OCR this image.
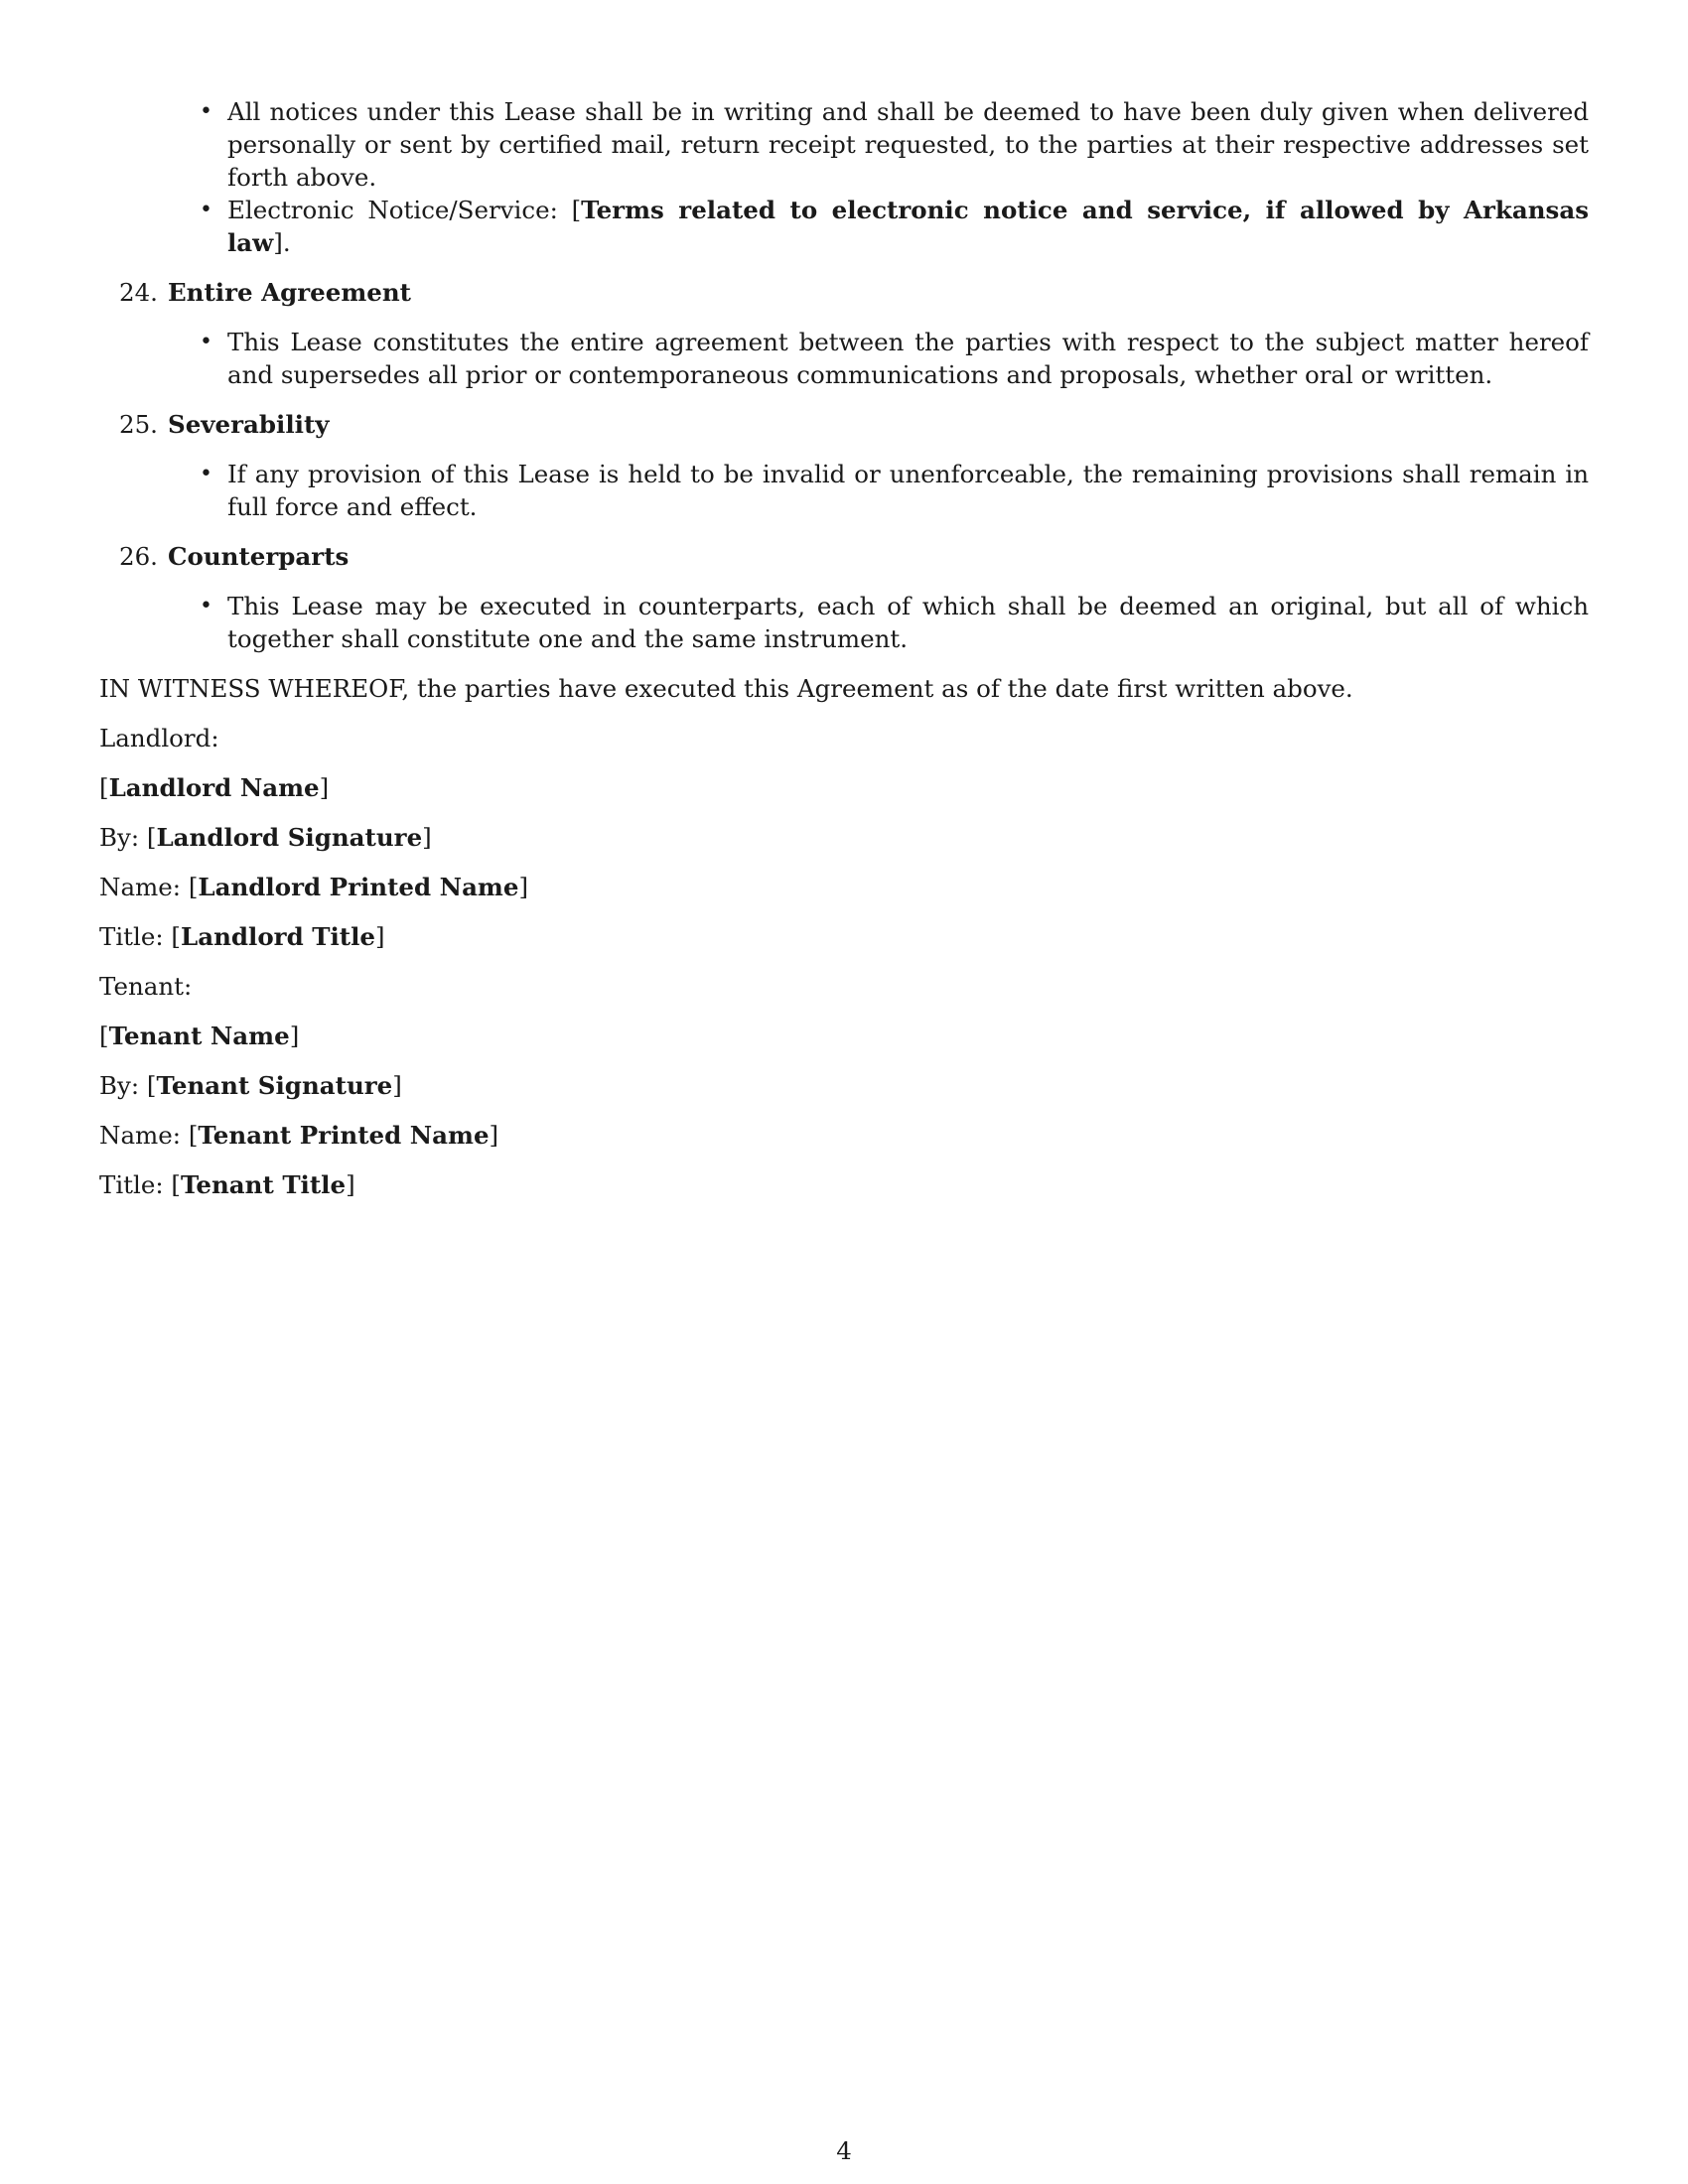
• All notices under this Lease shall be in writing and shall be deemed to have been duly given when delivered personally or sent by certified mail, return receipt requested, to the parties at their respective addresses set forth above.
• Electronic Notice/Service: [Terms related to electronic notice and service, if allowed by Arkansas law].
24. Entire Agreement
• This Lease constitutes the entire agreement between the parties with respect to the subject matter hereof and supersedes all prior or contemporaneous communications and proposals, whether oral or written.
25. Severability
• If any provision of this Lease is held to be invalid or unenforceable, the remaining provisions shall remain in full force and effect.
26. Counterparts
• This Lease may be executed in counterparts, each of which shall be deemed an original, but all of which together shall constitute one and the same instrument.

IN WITNESS WHEREOF, the parties have executed this Agreement as of the date first written above.

Landlord:

[Landlord Name]

By: [Landlord Signature]

Name: [Landlord Printed Name]

Title: [Landlord Title]

Tenant:

[Tenant Name]

By: [Tenant Signature]

Name: [Tenant Printed Name]

Title: [Tenant Title]

4
